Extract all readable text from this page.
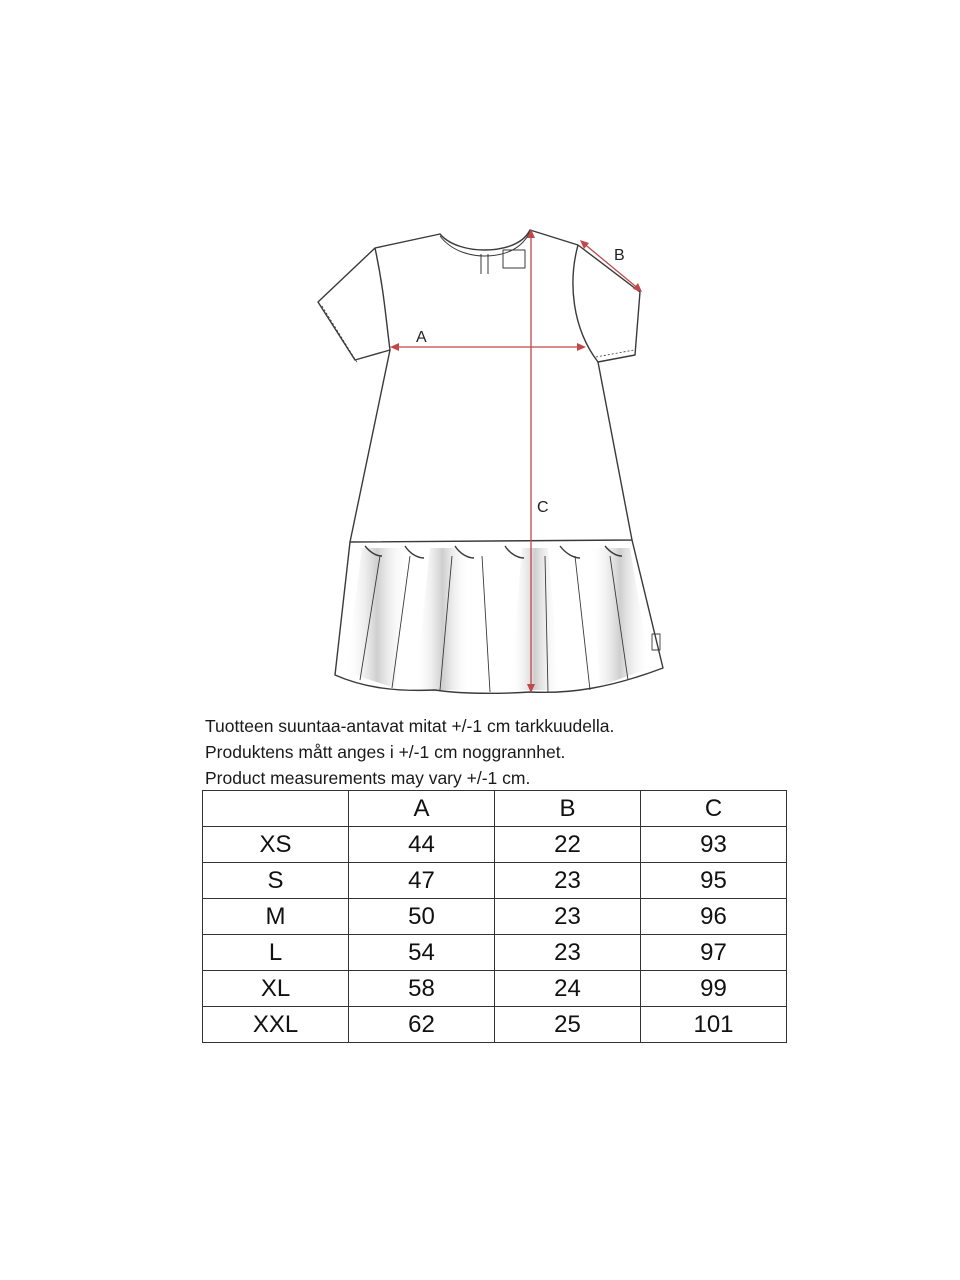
A
B
C
Tuotteen suuntaa-antavat mitat +/-1 cm tarkkuudella.
Produktens mått anges i +/-1 cm noggrannhet.
Product measurements may vary +/-1 cm.
	A	B	C
XS	44	22	93
S	47	23	95
M	50	23	96
L	54	23	97
XL	58	24	99
XXL	62	25	101
